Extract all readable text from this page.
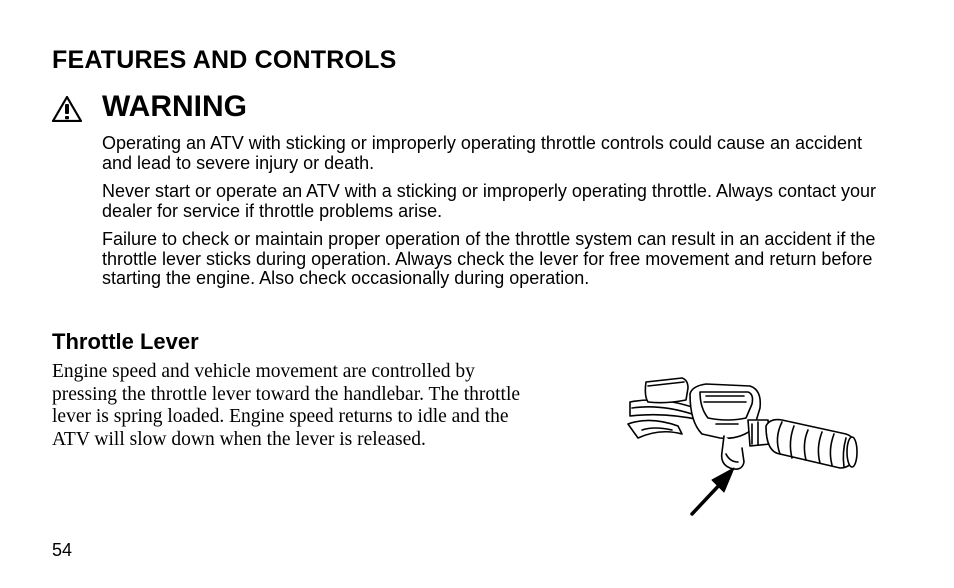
FEATURES AND CONTROLS
WARNING

Operating an ATV with sticking or improperly operating throttle controls could cause an accident and lead to severe injury or death.

Never start or operate an ATV with a sticking or improperly operating throttle. Always contact your dealer for service if throttle problems arise.

Failure to check or maintain proper operation of the throttle system can result in an accident if the throttle lever sticks during operation. Always check the lever for free movement and return before starting the engine. Also check occasionally during operation.

Throttle Lever

Engine speed and vehicle movement are controlled by pressing the throttle lever toward the handlebar. The throttle lever is spring loaded. Engine speed returns to idle and the ATV will slow down when the lever is released.

54
